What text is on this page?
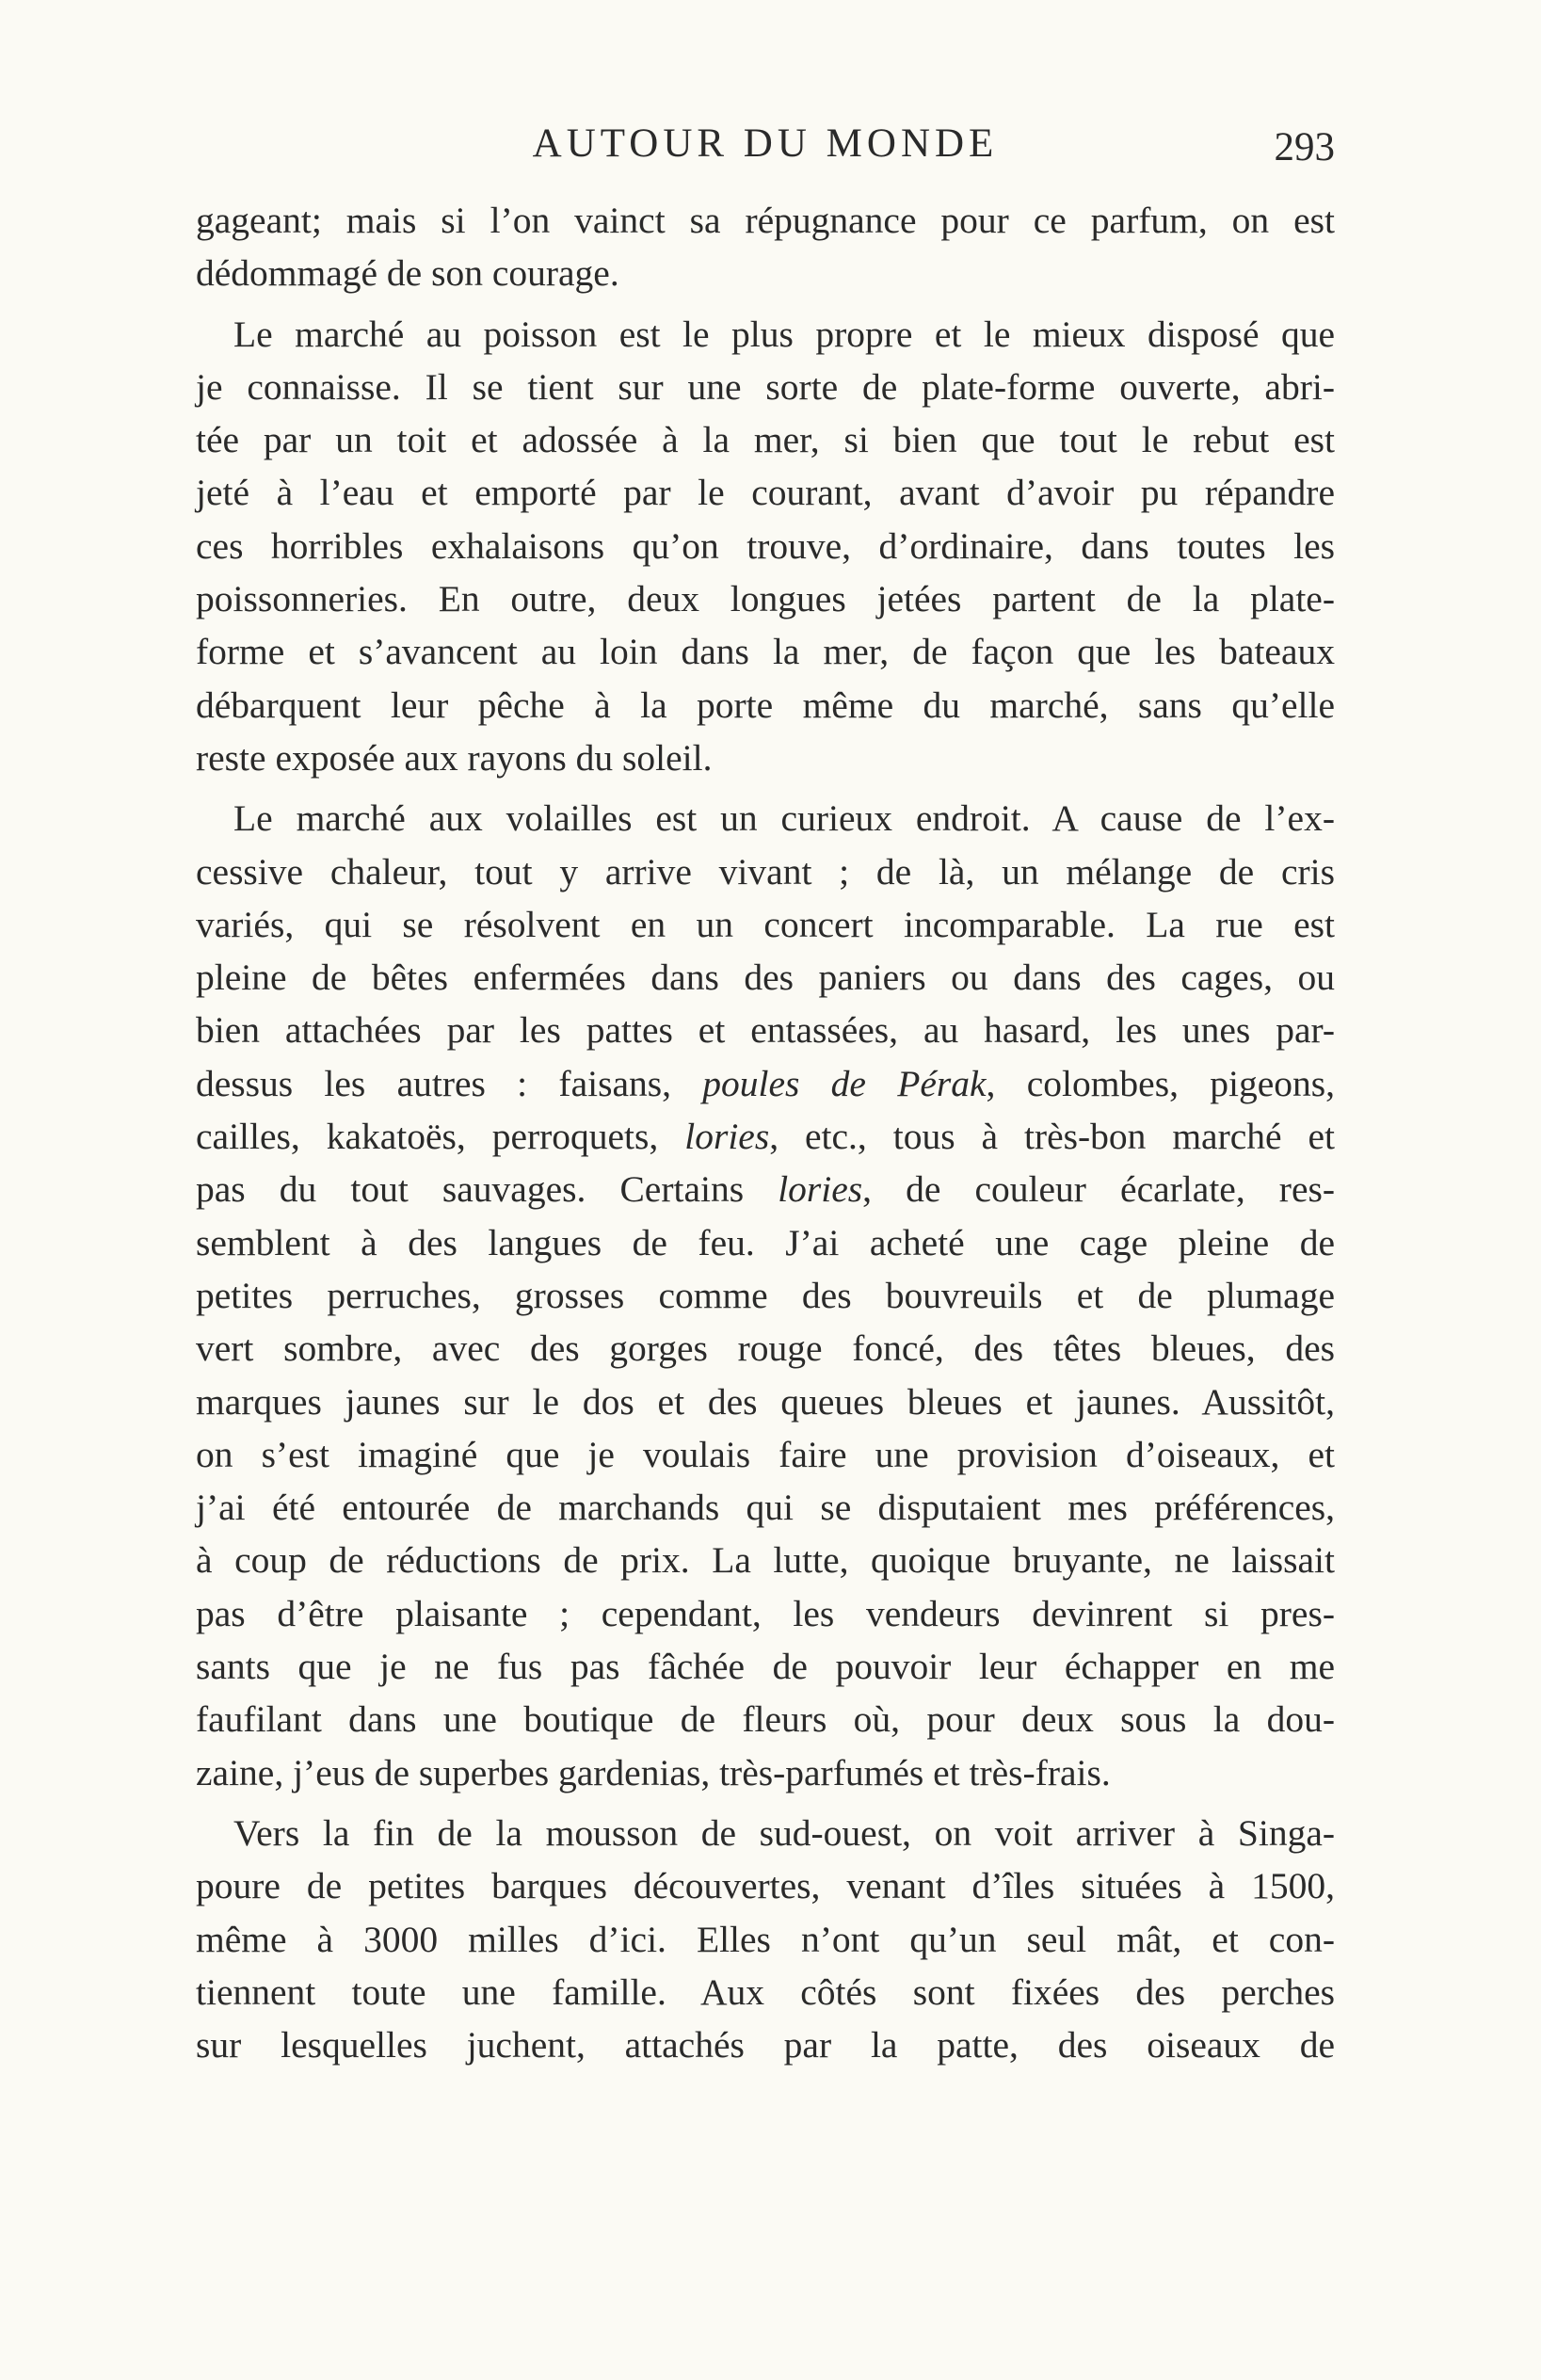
AUTOUR DU MONDE	293

gageant; mais si l’on vainct sa répugnance pour ce parfum, on est

dédommagé de son courage.

Le marché au poisson est le plus propre et le mieux disposé que

je connaisse. Il se tient sur une sorte de plate-forme ouverte, abri-

tée par un toit et adossée à la mer, si bien que tout le rebut est

jeté à l’eau et emporté par le courant, avant d’avoir pu répandre

ces horribles exhalaisons qu’on trouve, d’ordinaire, dans toutes les

poissonneries. En outre, deux longues jetées partent de la plate-

forme et s’avancent au loin dans la mer, de façon que les bateaux

débarquent leur pêche à la porte même du marché, sans qu’elle

reste exposée aux rayons du soleil.

Le marché aux volailles est un curieux endroit. A cause de l’ex-

cessive chaleur, tout y arrive vivant ; de là, un mélange de cris

variés, qui se résolvent en un concert incomparable. La rue est

pleine de bêtes enfermées dans des paniers ou dans des cages, ou

bien attachées par les pattes et entassées, au hasard, les unes par-

dessus les autres : faisans, poules de Pérak, colombes, pigeons,

cailles, kakatoës, perroquets, lories, etc., tous à très-bon marché et

pas du tout sauvages. Certains lories, de couleur écarlate, res-

semblent à des langues de feu. J’ai acheté une cage pleine de

petites perruches, grosses comme des bouvreuils et de plumage

vert sombre, avec des gorges rouge foncé, des têtes bleues, des

marques jaunes sur le dos et des queues bleues et jaunes. Aussitôt,

on s’est imaginé que je voulais faire une provision d’oiseaux, et

j’ai été entourée de marchands qui se disputaient mes préférences,

à coup de réductions de prix. La lutte, quoique bruyante, ne laissait

pas d’être plaisante ; cependant, les vendeurs devinrent si pres-

sants que je ne fus pas fâchée de pouvoir leur échapper en me

faufilant dans une boutique de fleurs où, pour deux sous la dou-

zaine, j’eus de superbes gardenias, très-parfumés et très-frais.

Vers la fin de la mousson de sud-ouest, on voit arriver à Singa-

poure de petites barques découvertes, venant d’îles situées à 1500,

même à 3000 milles d’ici. Elles n’ont qu’un seul mât, et con-

tiennent toute une famille. Aux côtés sont fixées des perches

sur lesquelles juchent, attachés par la patte, des oiseaux de
